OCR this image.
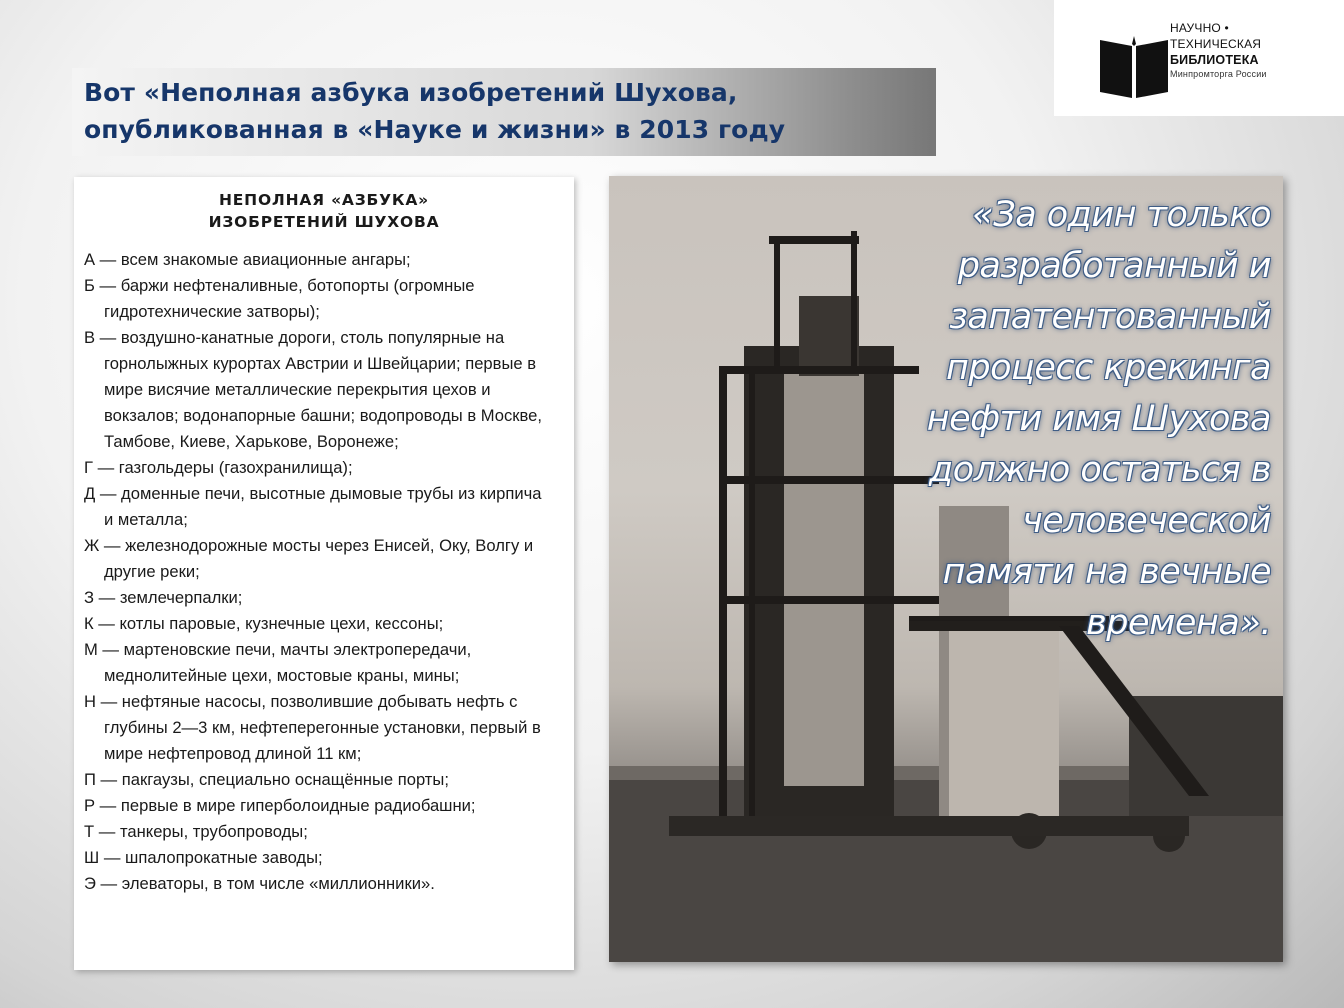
НАУЧНО •
ТЕХНИЧЕСКАЯ
БИБЛИОТЕКА
Минпромторга России
Вот «Неполная азбука изобретений Шухова,
опубликованная в «Науке и жизни» в 2013 году
НЕПОЛНАЯ «АЗБУКА»
ИЗОБРЕТЕНИЙ ШУХОВА
А — всем знакомые авиационные ангары;
Б — баржи нефтеналивные, ботопорты (огромные гидротехнические затворы);
В — воздушно-канатные дороги, столь популярные на горнолыжных курортах Австрии и Швейцарии; первые в мире висячие металлические перекрытия цехов и вокзалов; водонапорные башни; водопроводы в Москве, Тамбове, Киеве, Харькове, Воронеже;
Г — газгольдеры (газохранилища);
Д — доменные печи, высотные дымовые трубы из кирпича и металла;
Ж — железнодорожные мосты через Енисей, Оку, Волгу и другие реки;
З — землечерпалки;
К — котлы паровые, кузнечные цехи, кессоны;
М — мартеновские печи, мачты электропередачи, меднолитейные цехи, мостовые краны, мины;
Н — нефтяные насосы, позволившие добывать нефть с глубины 2—3 км, нефтеперегонные установки, первый в мире нефтепровод длиной 11 км;
П — пакгаузы, специально оснащённые порты;
Р — первые в мире гиперболоидные радиобашни;
Т — танкеры, трубопроводы;
Ш — шпалопрокатные заводы;
Э — элеваторы, в том числе «миллионники».
«За один только
разработанный и
запатентованный
процесс крекинга
нефти имя Шухова
должно остаться в
человеческой
памяти на вечные
времена».
